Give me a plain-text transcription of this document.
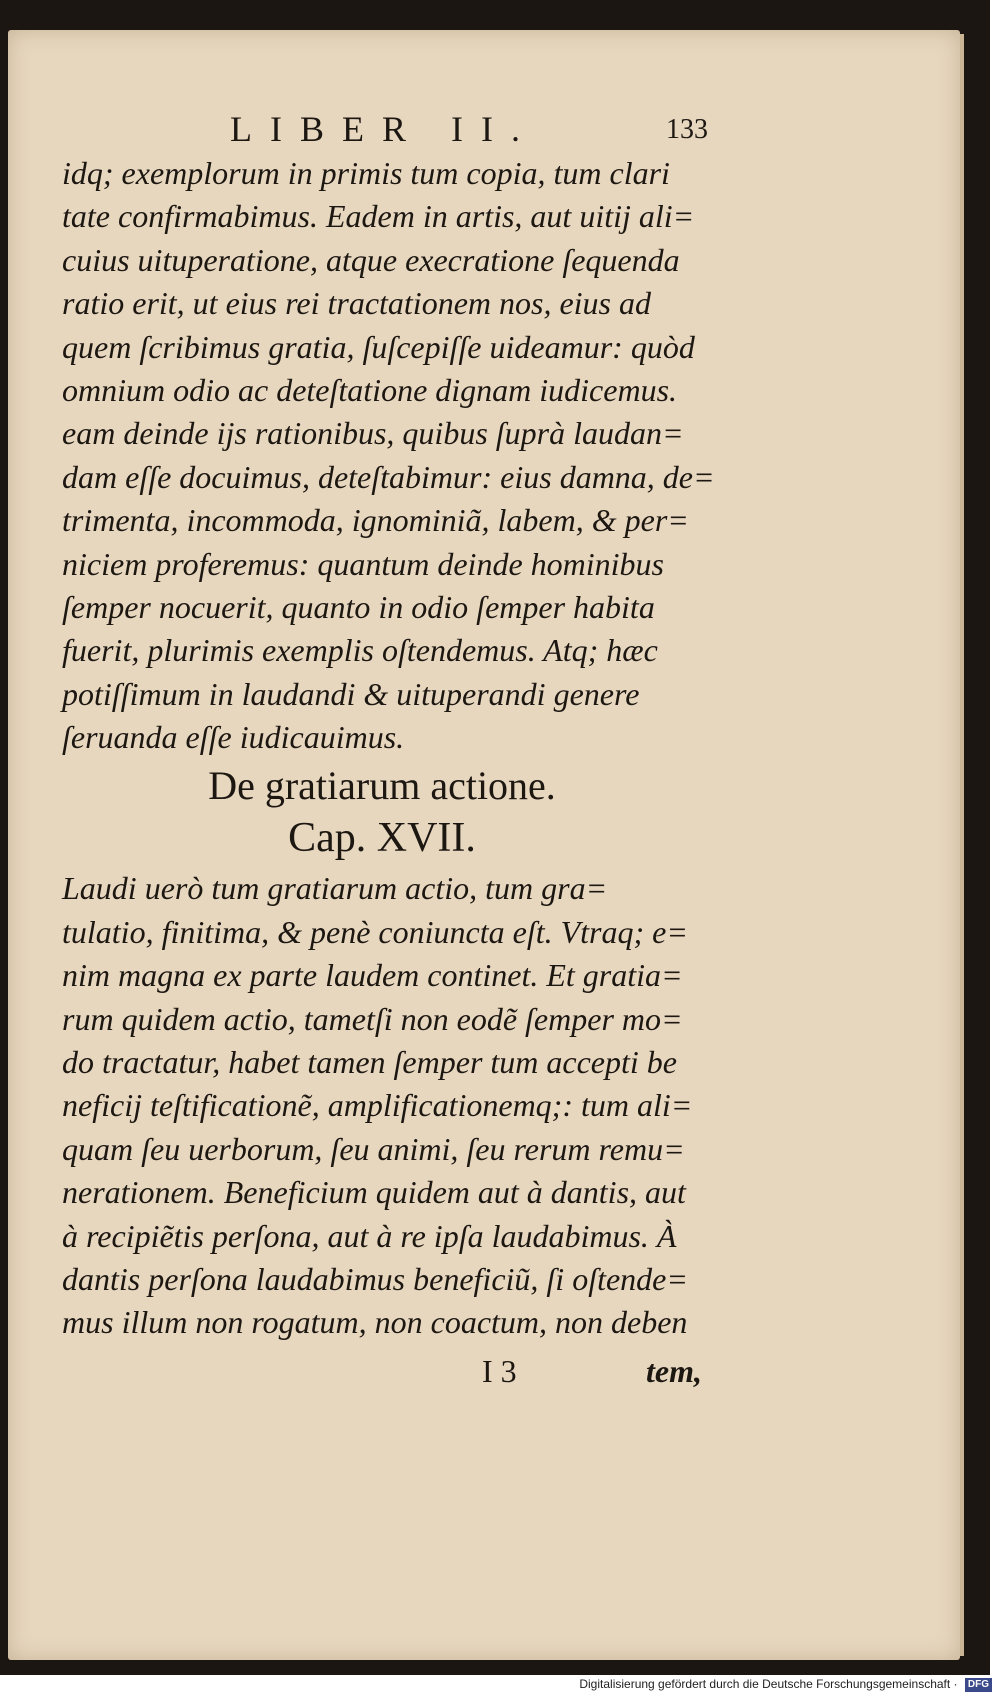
LIBER II.	133
idq; exemplorum in primis tum copia, tum clari
tate confirmabimus. Eadem in artis, aut uitij ali=
cuius uituperatione, atque execratione ſequenda
ratio erit, ut eius rei tractationem nos, eius ad
quem ſcribimus gratia, ſuſcepiſſe uideamur: quòd
omnium odio ac deteſtatione dignam iudicemus.
eam deinde ijs rationibus, quibus ſuprà laudan=
dam eſſe docuimus, deteſtabimur: eius damna, de=
trimenta, incommoda, ignominiã, labem, & per=
niciem proferemus: quantum deinde hominibus
ſemper nocuerit, quanto in odio ſemper habita
fuerit, plurimis exemplis oſtendemus. Atq; hæc
potiſſimum in laudandi & uituperandi genere
ſeruanda eſſe iudicauimus.
De gratiarum actione.
Cap. XVII.
Laudi uerò tum gratiarum actio, tum gra=
tulatio, finitima, & penè coniuncta eſt. Vtraq; e=
nim magna ex parte laudem continet. Et gratia=
rum quidem actio, tametſi non eodẽ ſemper mo=
do tractatur, habet tamen ſemper tum accepti be
neficij teſtificationẽ, amplificationemq;: tum ali=
quam ſeu uerborum, ſeu animi, ſeu rerum remu=
nerationem. Beneficium quidem aut à dantis, aut
à recipiẽtis perſona, aut à re ipſa laudabimus. À
dantis perſona laudabimus beneficiũ, ſi oſtende=
mus illum non rogatum, non coactum, non deben
I 3	tem,
Digitalisierung gefördert durch die Deutsche Forschungsgemeinschaft · DFG
